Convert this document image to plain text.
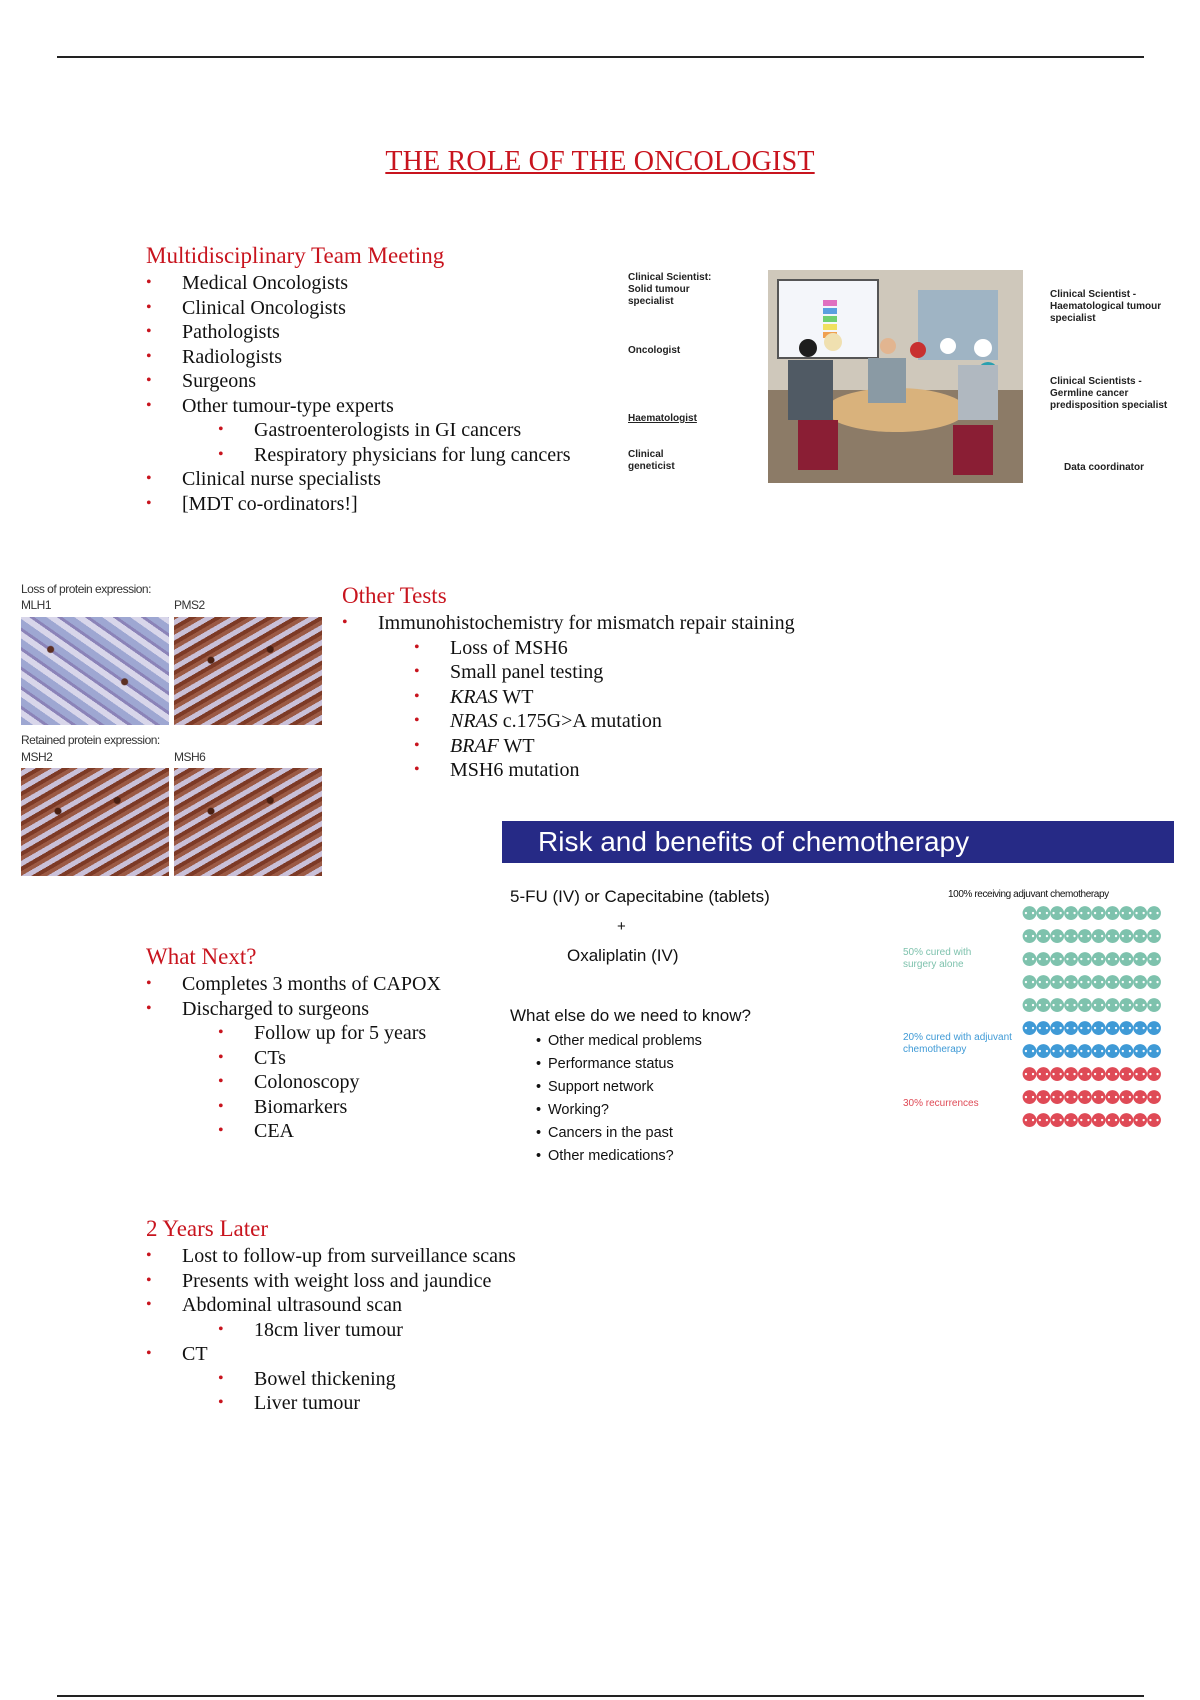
THE ROLE OF THE ONCOLOGIST
Multidisciplinary Team Meeting
• Medical Oncologists
• Clinical Oncologists
• Pathologists
• Radiologists
• Surgeons
• Other tumour-type experts
• Gastroenterologists in GI cancers
• Respiratory physicians for lung cancers
• Clinical nurse specialists
• [MDT co-ordinators!]
Clinical Scientist: Solid tumour specialist
Oncologist
Haematologist
Clinical geneticist
Clinical Scientist - Haematological tumour specialist
Clinical Scientists - Germline cancer predisposition specialist
Data coordinator
Loss of protein expression:
MLH1	PMS2
Retained protein expression:
MSH2	MSH6
Other Tests
• Immunohistochemistry for mismatch repair staining
• Loss of MSH6
• Small panel testing
• KRAS WT
• NRAS c.175G>A mutation
• BRAF WT
• MSH6 mutation
Risk and benefits of chemotherapy
5-FU (IV) or Capecitabine (tablets)
+
Oxaliplatin (IV)
What else do we need to know?
• Other medical problems
• Performance status
• Support network
• Working?
• Cancers in the past
• Other medications?
100% receiving adjuvant chemotherapy
50% cured with surgery alone
20% cured with adjuvant chemotherapy
30% recurrences
⚉⚉⚉⚉⚉⚉⚉⚉⚉⚉
⚉⚉⚉⚉⚉⚉⚉⚉⚉⚉
⚉⚉⚉⚉⚉⚉⚉⚉⚉⚉
⚉⚉⚉⚉⚉⚉⚉⚉⚉⚉
⚉⚉⚉⚉⚉⚉⚉⚉⚉⚉
⚉⚉⚉⚉⚉⚉⚉⚉⚉⚉
⚉⚉⚉⚉⚉⚉⚉⚉⚉⚉
⚉⚉⚉⚉⚉⚉⚉⚉⚉⚉
⚉⚉⚉⚉⚉⚉⚉⚉⚉⚉
⚉⚉⚉⚉⚉⚉⚉⚉⚉⚉
What Next?
• Completes 3 months of CAPOX
• Discharged to surgeons
• Follow up for 5 years
• CTs
• Colonoscopy
• Biomarkers
• CEA
2 Years Later
• Lost to follow-up from surveillance scans
• Presents with weight loss and jaundice
• Abdominal ultrasound scan
• 18cm liver tumour
• CT
• Bowel thickening
• Liver tumour
